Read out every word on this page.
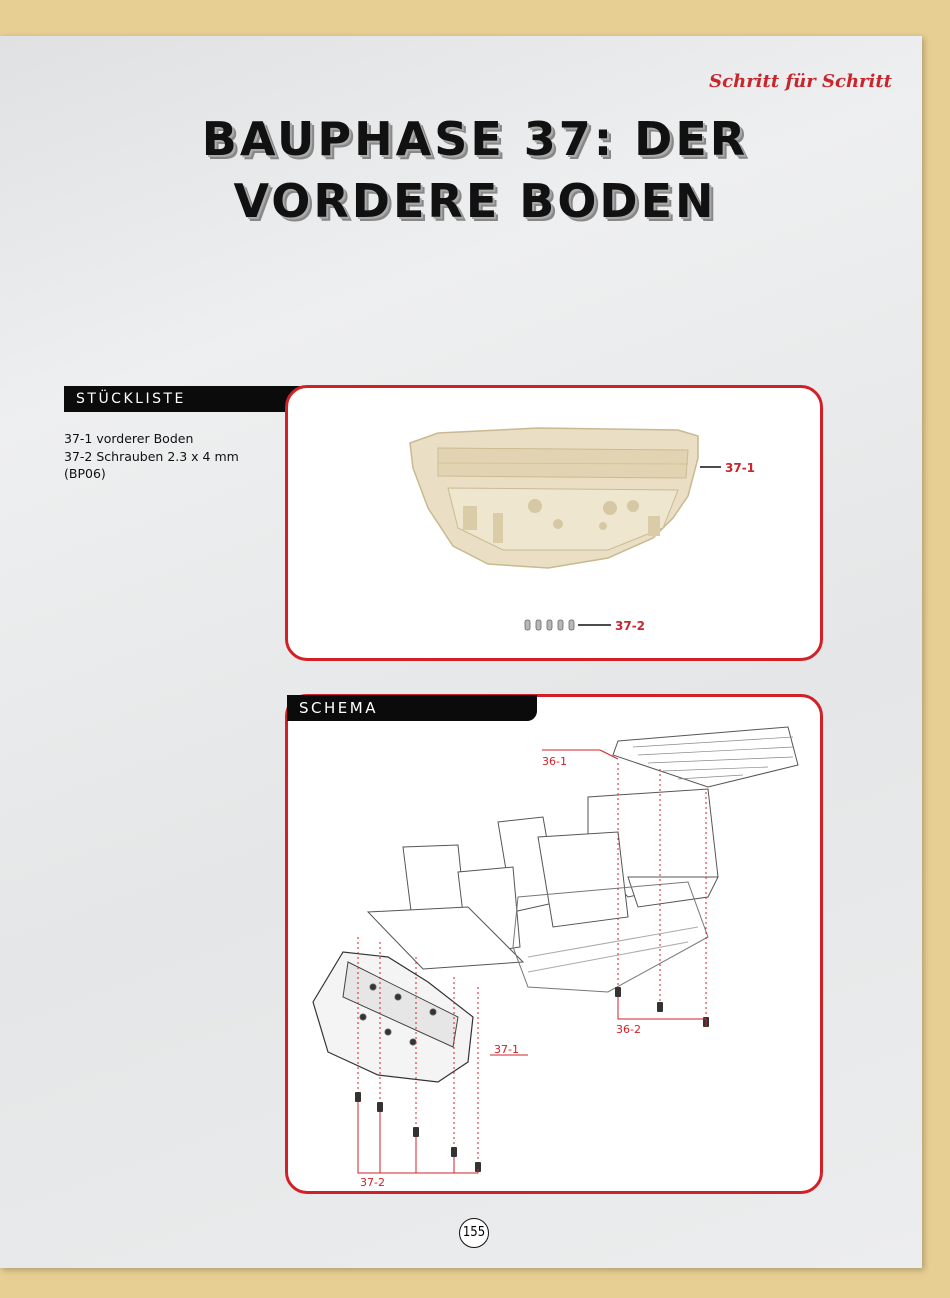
Schritt für Schritt
BAUPHASE 37: DER
VORDERE BODEN
STÜCKLISTE
37-1 vorderer Boden
37-2 Schrauben 2.3 x 4 mm (BP06)	37-1
37-2
36-1
36-2
37-1
37-2
SCHEMA
155
